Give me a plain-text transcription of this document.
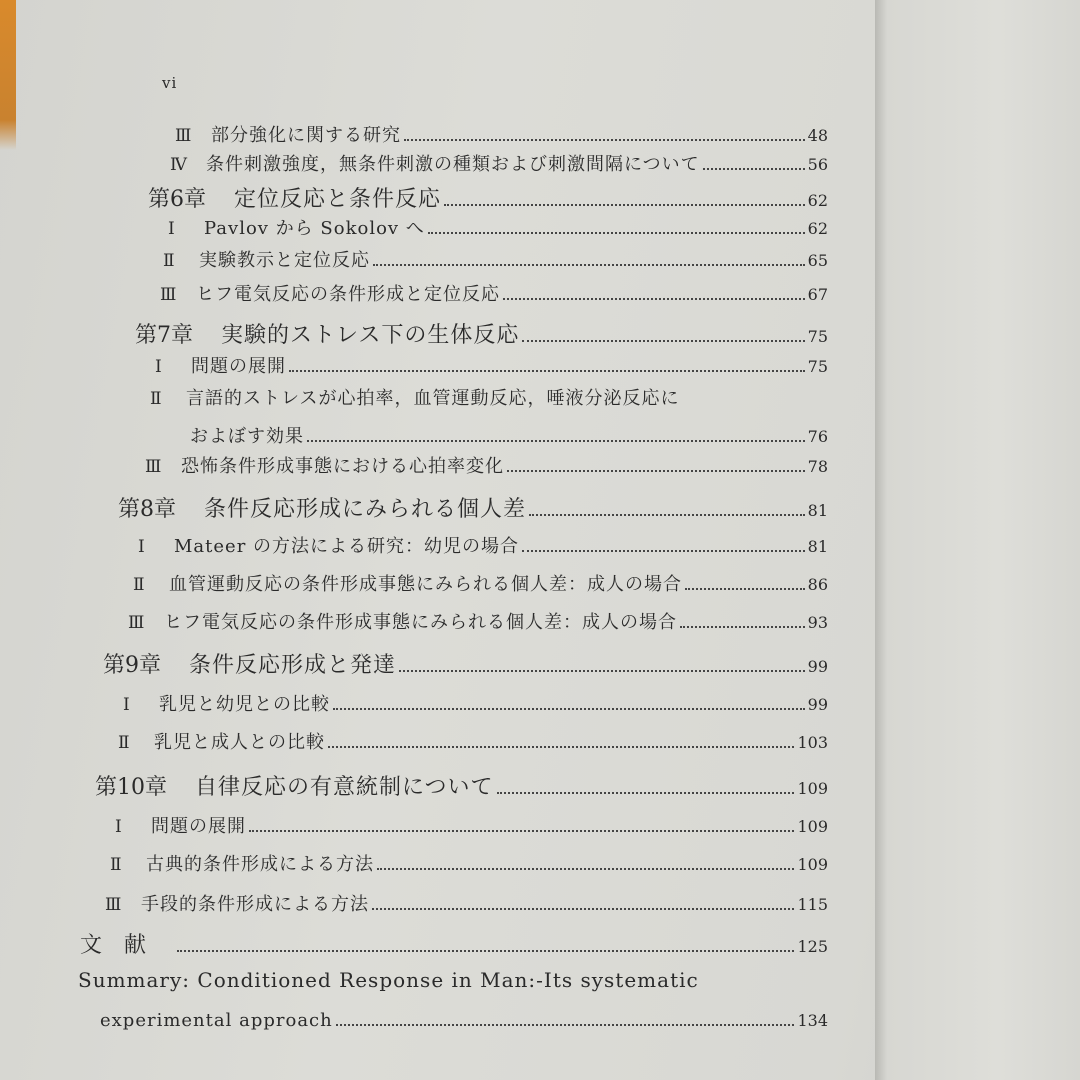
vi
Ⅲ	部分強化に関する研究	48
Ⅳ	条件刺激強度，無条件刺激の種類および刺激間隔について	56
第6章 定位反応と条件反応	62
Ⅰ	Pavlov から Sokolov へ	62
Ⅱ	実験教示と定位反応	65
Ⅲ	ヒフ電気反応の条件形成と定位反応	67
第7章 実験的ストレス下の生体反応	75
Ⅰ	問題の展開	75
Ⅱ	言語的ストレスが心拍率，血管運動反応，唾液分泌反応に
およぼす効果	76
Ⅲ	恐怖条件形成事態における心拍率変化	78
第8章 条件反応形成にみられる個人差	81
Ⅰ	Mateer の方法による研究：幼児の場合	81
Ⅱ	血管運動反応の条件形成事態にみられる個人差：成人の場合	86
Ⅲ	ヒフ電気反応の条件形成事態にみられる個人差：成人の場合	93
第9章 条件反応形成と発達	99
Ⅰ	乳児と幼児との比較	99
Ⅱ	乳児と成人との比較	103
第10章 自律反応の有意統制について	109
Ⅰ	問題の展開	109
Ⅱ	古典的条件形成による方法	109
Ⅲ	手段的条件形成による方法	115
文　献	125
Summary: Conditioned Response in Man:-Its systematic
experimental approach	134
